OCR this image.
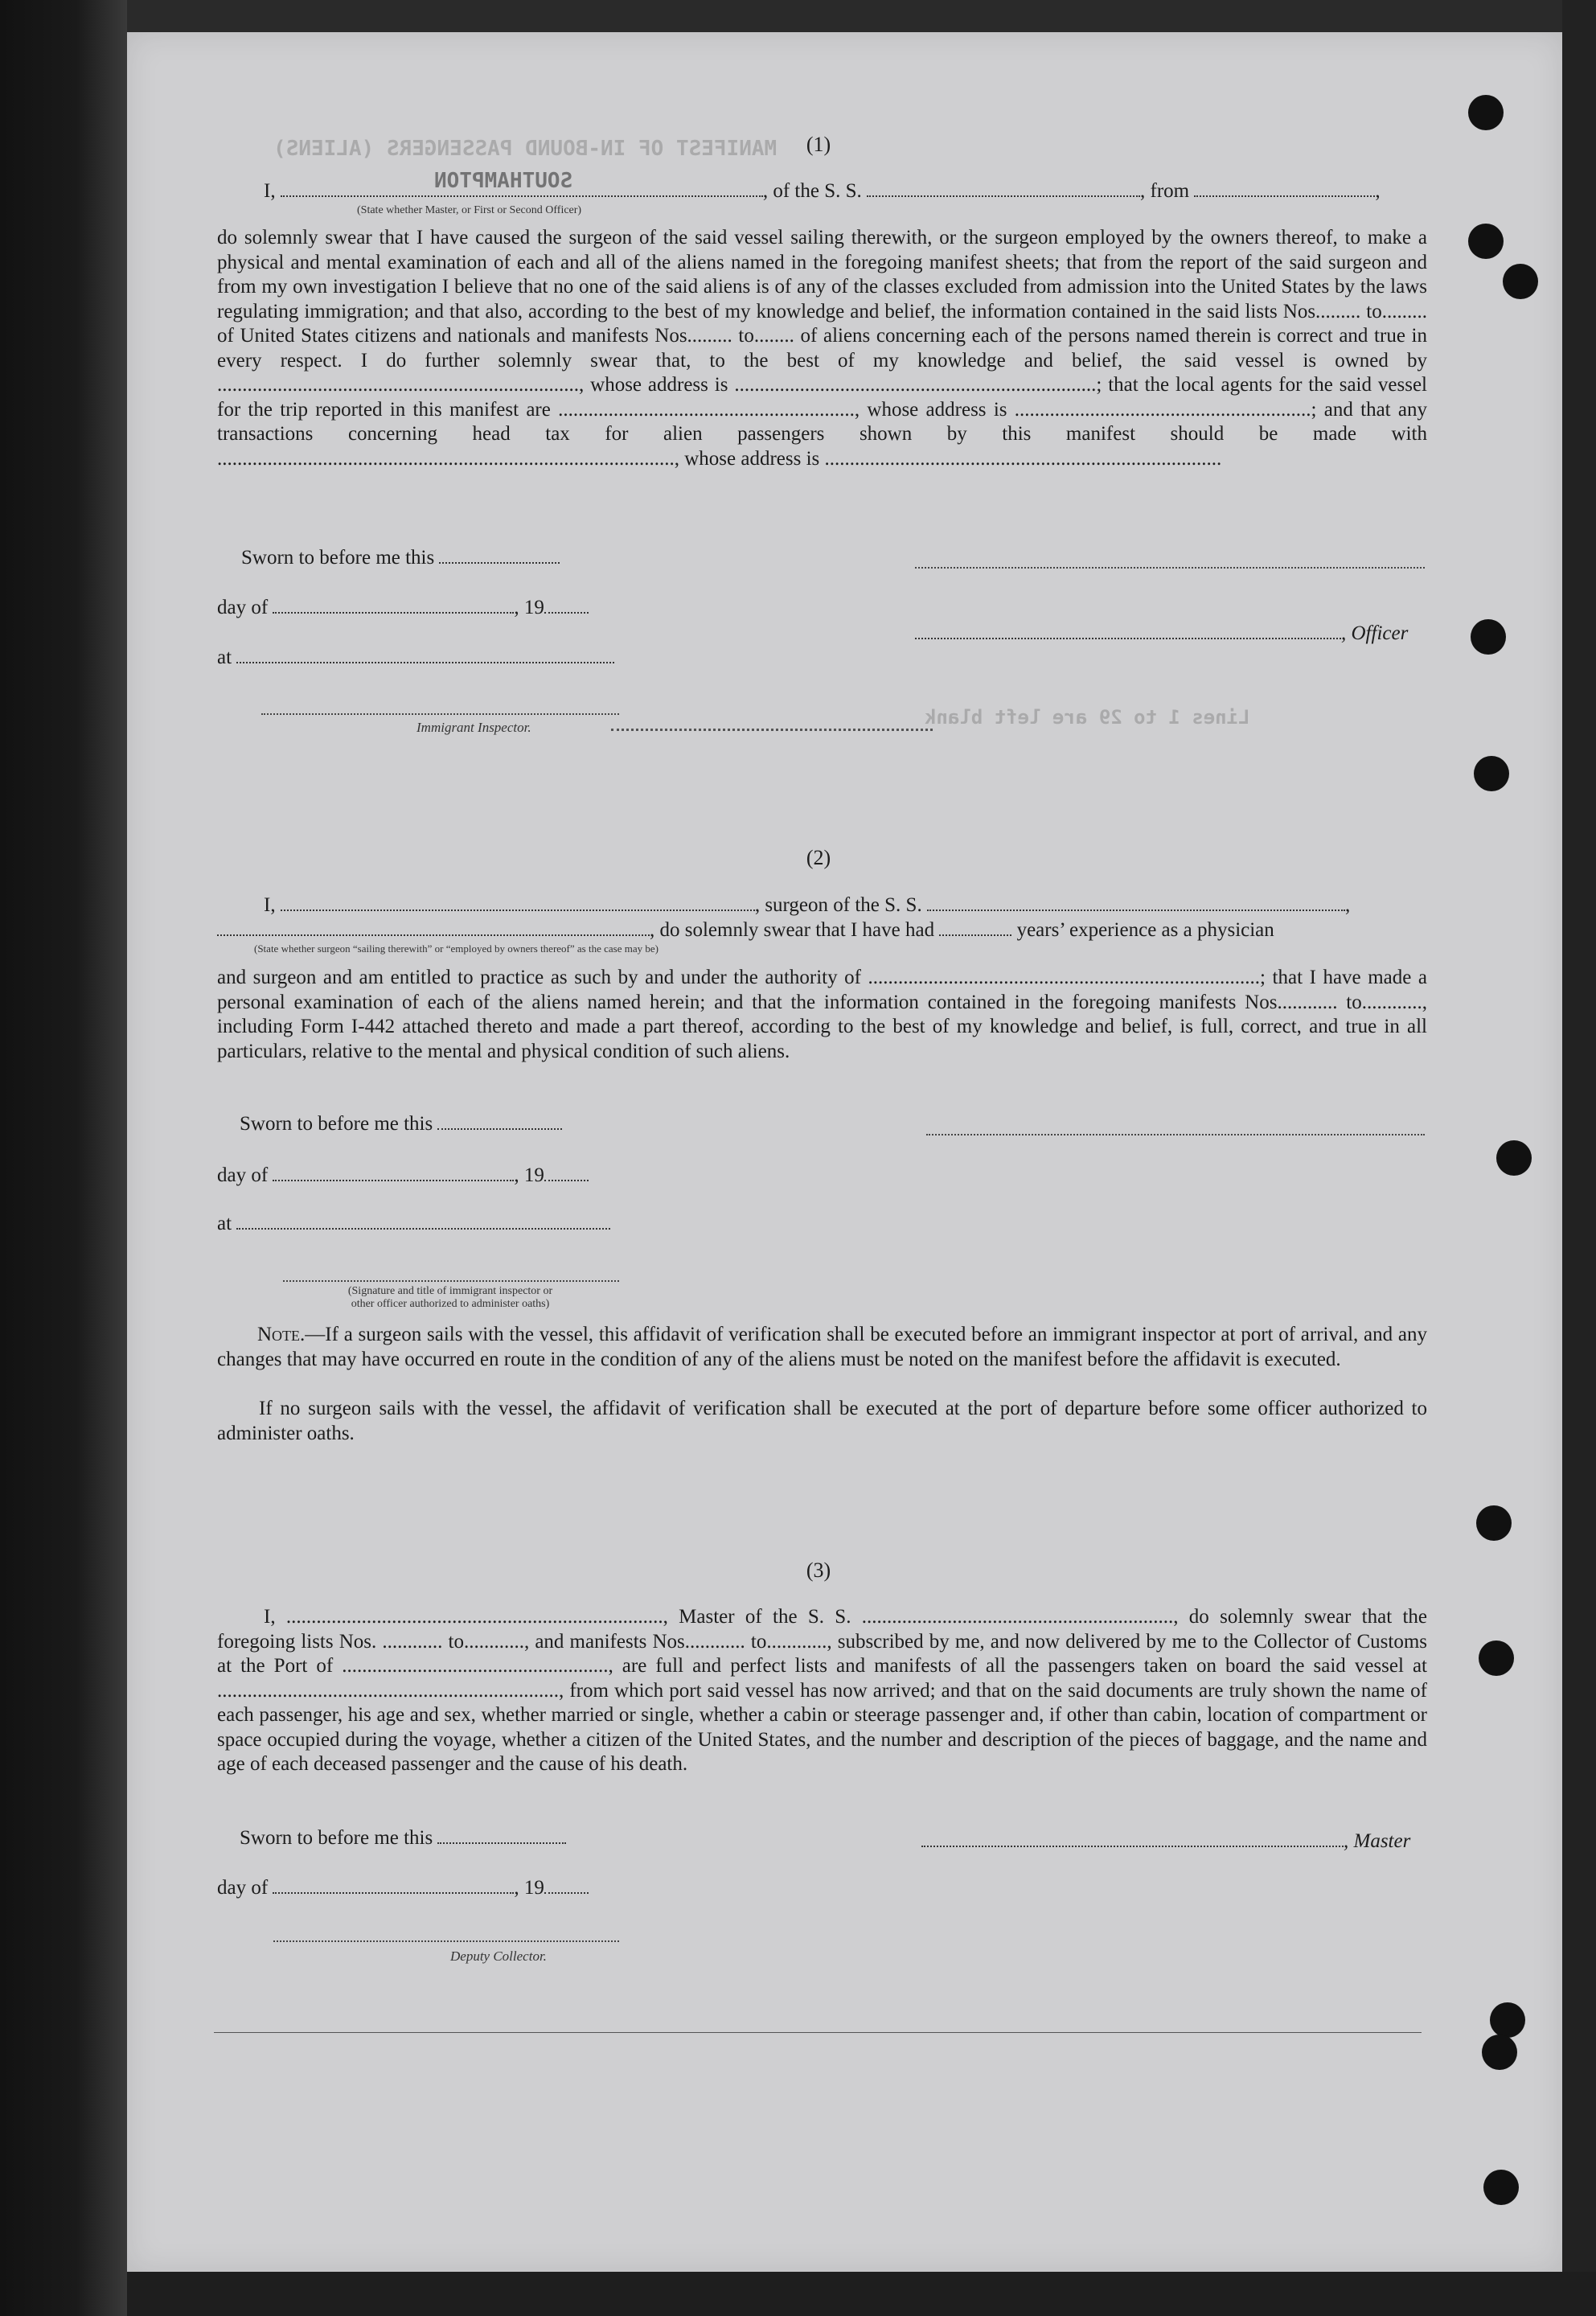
MANIFEST OF IN-BOUND PASSENGERS (ALIENS)
SOUTHAMPTON
Lines 1 to 29 are left blank
(1)
I,	, of the S. S.	, from	,
(State whether Master, or First or Second Officer)
do solemnly swear that I have caused the surgeon of the said vessel sailing therewith, or the surgeon employed by the owners thereof, to make a physical and mental examination of each and all of the aliens named in the foregoing manifest sheets; that from the report of the said surgeon and from my own investigation I believe that no one of the said aliens is of any of the classes excluded from admission into the United States by the laws regulating immigration; and that also, according to the best of my knowledge and belief, the information contained in the said lists Nos......... to......... of United States citizens and nationals and manifests Nos......... to........ of aliens concerning each of the persons named therein is correct and true in every respect. I do further solemnly swear that, to the best of my knowledge and belief, the said vessel is owned by ........................................................................, whose address is ........................................................................; that the local agents for the said vessel for the trip reported in this manifest are ..........................................................., whose address is ...........................................................; and that any transactions concerning head tax for alien passengers shown by this manifest should be made with ..........................................................................................., whose address is ...............................................................................
Sworn to before me this
day of	, 19
, Officer
at
Immigrant Inspector.
(2)
I,	, surgeon of the S. S.	,
, do solemnly swear that I have had	years’ experience as a physician
(State whether surgeon “sailing therewith” or “employed by owners thereof” as the case may be)
and surgeon and am entitled to practice as such by and under the authority of ..............................................................................; that I have made a personal examination of each of the aliens named herein; and that the information contained in the foregoing manifests Nos............ to............, including Form I-442 attached thereto and made a part thereof, according to the best of my knowledge and belief, is full, correct, and true in all particulars, relative to the mental and physical condition of such aliens.
Sworn to before me this
day of	, 19
at
(Signature and title of immigrant inspector or
other officer authorized to administer oaths)
Note.—If a surgeon sails with the vessel, this affidavit of verification shall be executed before an immigrant inspector at port of arrival, and any changes that may have occurred en route in the condition of any of the aliens must be noted on the manifest before the affidavit is executed.
If no surgeon sails with the vessel, the affidavit of verification shall be executed at the port of departure before some officer authorized to administer oaths.
(3)
I, ..........................................................................., Master of the S. S. .............................................................., do solemnly swear that the foregoing lists Nos. ............ to............, and manifests Nos............ to............, subscribed by me, and now delivered by me to the Collector of Customs at the Port of ....................................................., are full and perfect lists and manifests of all the passengers taken on board the said vessel at ...................................................................., from which port said vessel has now arrived; and that on the said documents are truly shown the name of each passenger, his age and sex, whether married or single, whether a cabin or steerage passenger and, if other than cabin, location of compartment or space occupied during the voyage, whether a citizen of the United States, and the number and description of the pieces of baggage, and the name and age of each deceased passenger and the cause of his death.
Sworn to before me this	, Master
day of	, 19
Deputy Collector.
